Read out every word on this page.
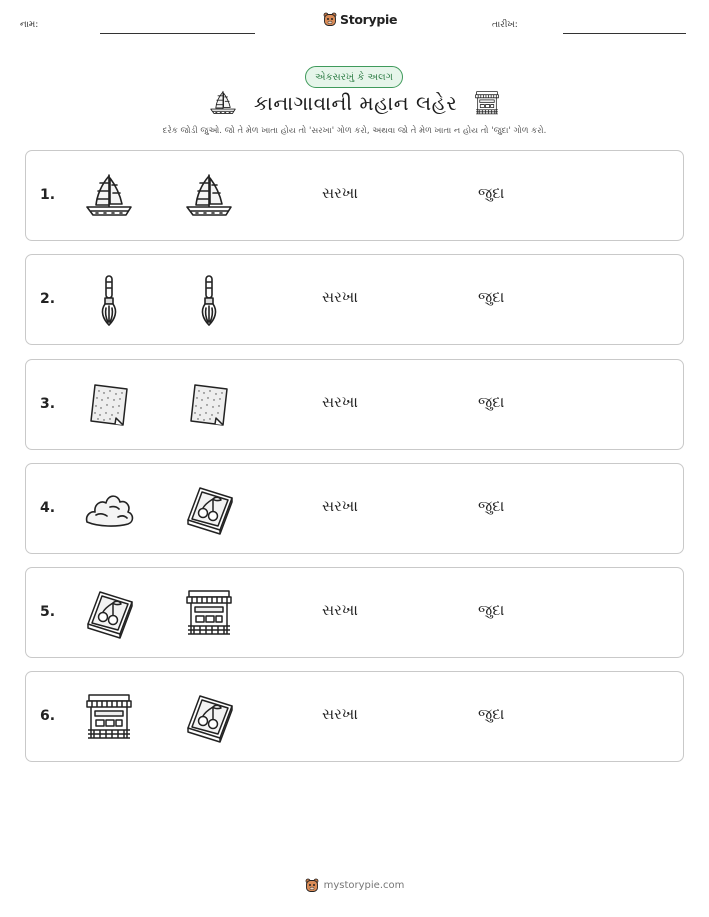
નામ:	Storypie	તારીખ:
એકસરખું કે અલગ
કાનાગાવાની મહાન લહેર
દરેક જોડી જુઓ. જો તે મેળ ખાતા હોય તો 'સરખા' ગોળ કરો, અથવા જો તે મેળ ખાતા ન હોય તો 'જુદા' ગોળ કરો.
1.	સરખા	જુદા
2.	સરખા	જુદા
3.	સરખા	જુદા
4.	સરખા	જુદા
5.	સરખા	જુદા
6.	સરખા	જુદા
mystorypie.com
